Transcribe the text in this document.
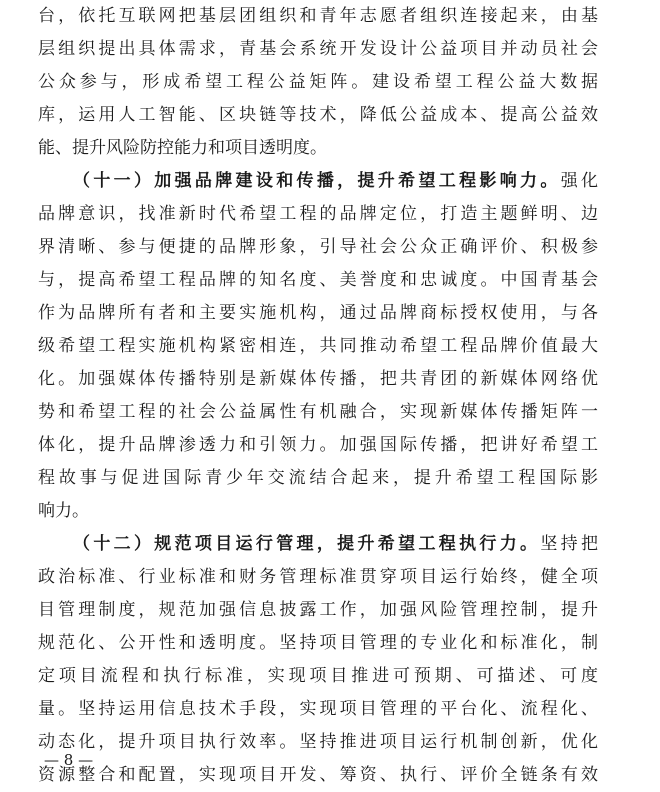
台，依托互联网把基层团组织和青年志愿者组织连接起来，由基
层组织提出具体需求，青基会系统开发设计公益项目并动员社会
公众参与，形成希望工程公益矩阵。建设希望工程公益大数据
库，运用人工智能、区块链等技术，降低公益成本、提高公益效
能、提升风险防控能力和项目透明度。
（十一）加强品牌建设和传播，提升希望工程影响力。强化
品牌意识，找准新时代希望工程的品牌定位，打造主题鲜明、边
界清晰、参与便捷的品牌形象，引导社会公众正确评价、积极参
与，提高希望工程品牌的知名度、美誉度和忠诚度。中国青基会
作为品牌所有者和主要实施机构，通过品牌商标授权使用，与各
级希望工程实施机构紧密相连，共同推动希望工程品牌价值最大
化。加强媒体传播特别是新媒体传播，把共青团的新媒体网络优
势和希望工程的社会公益属性有机融合，实现新媒体传播矩阵一
体化，提升品牌渗透力和引领力。加强国际传播，把讲好希望工
程故事与促进国际青少年交流结合起来，提升希望工程国际影
响力。
（十二）规范项目运行管理，提升希望工程执行力。坚持把
政治标准、行业标准和财务管理标准贯穿项目运行始终，健全项
目管理制度，规范加强信息披露工作，加强风险管理控制，提升
规范化、公开性和透明度。坚持项目管理的专业化和标准化，制
定项目流程和执行标准，实现项目推进可预期、可描述、可度
量。坚持运用信息技术手段，实现项目管理的平台化、流程化、
动态化，提升项目执行效率。坚持推进项目运行机制创新，优化
资源整合和配置，实现项目开发、筹资、执行、评价全链条有效
— 8 —
